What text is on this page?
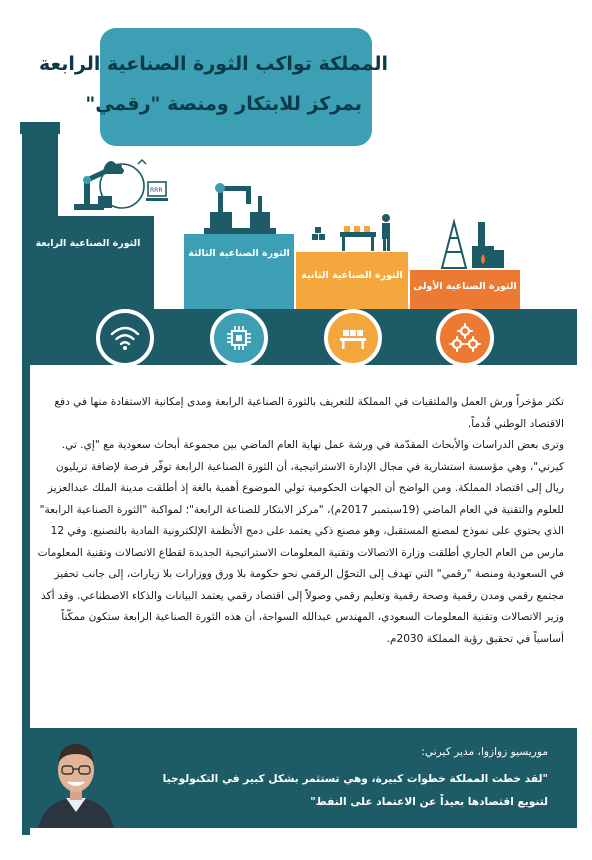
المملكة تواكب الثورة الصناعية الرابعة
بمركز للابتكار ومنصة "رقمي"
الثورة الصناعية الرابعة
RRR
الثورة الصناعية الثالثة
الثورة الصناعية الثانية
الثورة الصناعية الأولى

تكثر مؤخراً ورش العمل والملتقيات في المملكة للتعريف بالثورة الصناعية الرابعة ومدى إمكانية الاستفادة منها في دفع الاقتصاد الوطني قُدماً.

وترى بعض الدراسات والأبحاث المقدّمة في ورشة عمل نهاية العام الماضي بين مجموعة أبحاث سعودية مع "إي. تي. كيرني"، وهي مؤسسة استشارية في مجال الإدارة الاستراتيجية، أن الثورة الصناعية الرابعة توفّر فرصة لإضافة تريليون ريال إلى اقتصاد المملكة. ومن الواضح أن الجهات الحكومية تولي الموضوع أهمية بالغة إذ أطلقت مدينة الملك عبدالعزيز للعلوم والتقنية في العام الماضي (19سبتمبر 2017م)، "مركز الابتكار للصناعة الرابعة"؛ لمواكبة "الثورة الصناعية الرابعة" الذي يحتوي على نموذج لمصنع المستقبل، وهو مصنع ذكي يعتمد على دمج الأنظمة الإلكترونية المادية بالتصنيع. وفي 12 مارس من العام الجاري أطلقت وزارة الاتصالات وتقنية المعلومات الاستراتيجية الجديدة لقطاع الاتصالات وتقنية المعلومات في السعودية ومنصة "رقمي" التي تهدف إلى التحوّل الرقمي نحو حكومة بلا ورق ووزارات بلا زيارات، إلى جانب تحفيز مجتمع رقمي ومدن رقمية وصحة رقمية وتعليم رقمي وصولاً إلى اقتصاد رقمي يعتمد البيانات والذكاء الاصطناعي. وقد أكد وزير الاتصالات وتقنية المعلومات السعودي، المهندس عبدالله السواحة، أن هذه الثورة الصناعية الرابعة ستكون ممكّناً أساسياً في تحقيق رؤية المملكة 2030م.

موريسيو زوازوا، مدير كيرني:
"لقد خطت المملكة خطوات كبيرة، وهي تستثمر بشكل كبير في التكنولوجيا
لتنويع اقتصادها بعيداً عن الاعتماد على النفط"
